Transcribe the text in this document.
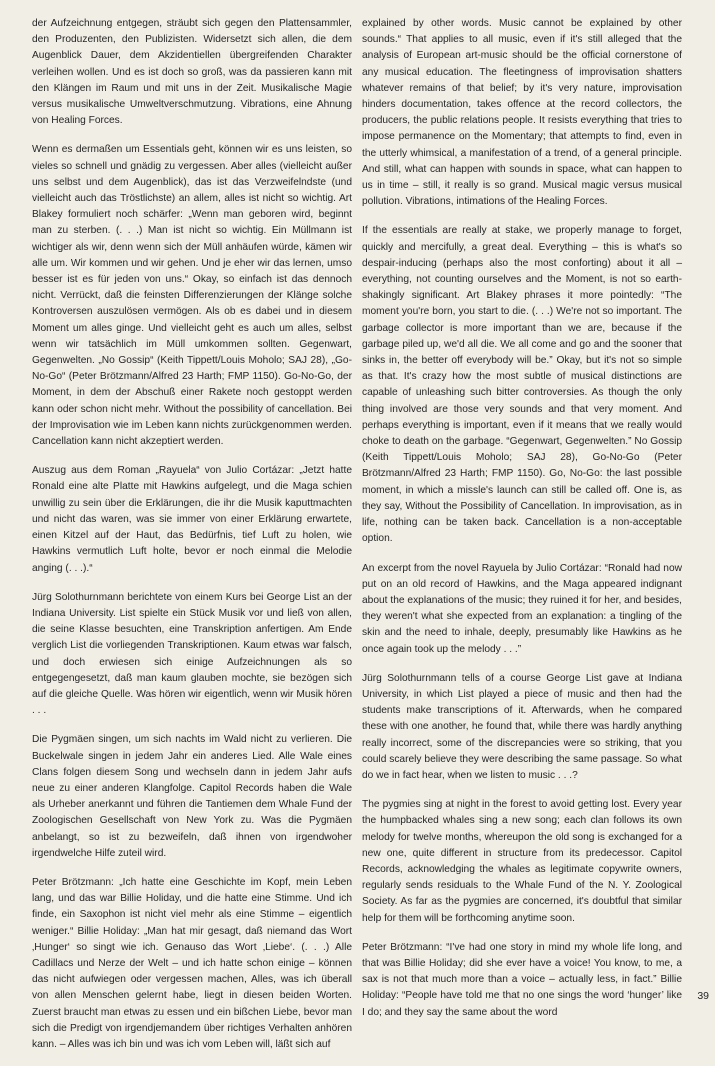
der Aufzeichnung entgegen, sträubt sich gegen den Plattensammler, den Produzenten, den Publizisten. Widersetzt sich allen, die dem Augenblick Dauer, dem Akzidentiellen übergreifenden Charakter verleihen wollen. Und es ist doch so groß, was da passieren kann mit den Klängen im Raum und mit uns in der Zeit. Musikalische Magie versus musikalische Umweltverschmutzung. Vibrations, eine Ahnung von Healing Forces.

Wenn es dermaßen um Essentials geht, können wir es uns leisten, so vieles so schnell und gnädig zu vergessen. Aber alles (vielleicht außer uns selbst und dem Augenblick), das ist das Verzweifelndste (und vielleicht auch das Tröstlichste) an allem, alles ist nicht so wichtig. Art Blakey formuliert noch schärfer: „Wenn man geboren wird, beginnt man zu sterben. (. . .) Man ist nicht so wichtig. Ein Müllmann ist wichtiger als wir, denn wenn sich der Müll anhäufen würde, kämen wir alle um. Wir kommen und wir gehen. Und je eher wir das lernen, umso besser ist es für jeden von uns.“ Okay, so einfach ist das dennoch nicht. Verrückt, daß die feinsten Differenzierungen der Klänge solche Kontroversen auszulösen vermögen. Als ob es dabei und in diesem Moment um alles ginge. Und vielleicht geht es auch um alles, selbst wenn wir tatsächlich im Müll umkommen sollten. Gegenwart, Gegenwelten. „No Gossip“ (Keith Tippett/Louis Moholo; SAJ 28), „Go-No-Go“ (Peter Brötzmann/Alfred 23 Harth; FMP 1150). Go-No-Go, der Moment, in dem der Abschuß einer Rakete noch gestoppt werden kann oder schon nicht mehr. Without the possibility of cancellation. Bei der Improvisation wie im Leben kann nichts zurückgenommen werden. Cancellation kann nicht akzeptiert werden.

Auszug aus dem Roman „Rayuela“ von Julio Cortázar: „Jetzt hatte Ronald eine alte Platte mit Hawkins aufgelegt, und die Maga schien unwillig zu sein über die Erklärungen, die ihr die Musik kaputtmachten und nicht das waren, was sie immer von einer Erklärung erwartete, einen Kitzel auf der Haut, das Bedürfnis, tief Luft zu holen, wie Hawkins vermutlich Luft holte, bevor er noch einmal die Melodie anging (. . .).“

Jürg Solothurnmann berichtete von einem Kurs bei George List an der Indiana University. List spielte ein Stück Musik vor und ließ von allen, die seine Klasse besuchten, eine Transkription anfertigen. Am Ende verglich List die vorliegenden Transkriptionen. Kaum etwas war falsch, und doch erwiesen sich einige Aufzeichnungen als so entgegengesetzt, daß man kaum glauben mochte, sie bezögen sich auf die gleiche Quelle. Was hören wir eigentlich, wenn wir Musik hören . . .

Die Pygmäen singen, um sich nachts im Wald nicht zu verlieren. Die Buckelwale singen in jedem Jahr ein anderes Lied. Alle Wale eines Clans folgen diesem Song und wechseln dann in jedem Jahr aufs neue zu einer anderen Klangfolge. Capitol Records haben die Wale als Urheber anerkannt und führen die Tantiemen dem Whale Fund der Zoologischen Gesellschaft von New York zu. Was die Pygmäen anbelangt, so ist zu bezweifeln, daß ihnen von irgendwoher irgendwelche Hilfe zuteil wird.

Peter Brötzmann: „Ich hatte eine Geschichte im Kopf, mein Leben lang, und das war Billie Holiday, und die hatte eine Stimme. Und ich finde, ein Saxophon ist nicht viel mehr als eine Stimme – eigentlich weniger.“ Billie Holiday: „Man hat mir gesagt, daß niemand das Wort ‚Hunger‘ so singt wie ich. Genauso das Wort ‚Liebe‘. (. . .) Alle Cadillacs und Nerze der Welt – und ich hatte schon einige – können das nicht aufwiegen oder vergessen machen, Alles, was ich überall von allen Menschen gelernt habe, liegt in diesen beiden Worten. Zuerst braucht man etwas zu essen und ein bißchen Liebe, bevor man sich die Predigt von irgendjemandem über richtiges Verhalten anhören kann. – Alles was ich bin und was ich vom Leben will, läßt sich auf

explained by other words. Music cannot be explained by other sounds.“ That applies to all music, even if it's still alleged that the analysis of European art-music should be the official cornerstone of any musical education. The fleetingness of improvisation shatters whatever remains of that belief; by it's very nature, improvisation hinders documentation, takes offence at the record collectors, the producers, the public relations people. It resists everything that tries to impose permanence on the Momentary; that attempts to find, even in the utterly whimsical, a manifestation of a trend, of a general principle. And still, what can happen with sounds in space, what can happen to us in time – still, it really is so grand. Musical magic versus musical pollution. Vibrations, intimations of the Healing Forces.

If the essentials are really at stake, we properly manage to forget, quickly and mercifully, a great deal. Everything – this is what's so despair-inducing (perhaps also the most conforting) about it all – everything, not counting ourselves and the Moment, is not so earth-shakingly significant. Art Blakey phrases it more pointedly: “The moment you're born, you start to die. (. . .) We're not so important. The garbage collector is more important than we are, because if the garbage piled up, we'd all die. We all come and go and the sooner that sinks in, the better off everybody will be.” Okay, but it's not so simple as that. It's crazy how the most subtle of musical distinctions are capable of unleashing such bitter controversies. As though the only thing involved are those very sounds and that very moment. And perhaps everything is important, even if it means that we really would choke to death on the garbage. “Gegenwart, Gegenwelten.” No Gossip (Keith Tippett/Louis Moholo; SAJ 28), Go-No-Go (Peter Brötzmann/Alfred 23 Harth; FMP 1150). Go, No-Go: the last possible moment, in which a missle's launch can still be called off. One is, as they say, Without the Possibility of Cancellation. In improvisation, as in life, nothing can be taken back. Cancellation is a non-acceptable option.

An excerpt from the novel Rayuela by Julio Cortázar: “Ronald had now put on an old record of Hawkins, and the Maga appeared indignant about the explanations of the music; they ruined it for her, and besides, they weren't what she expected from an explanation: a tingling of the skin and the need to inhale, deeply, presumably like Hawkins as he once again took up the melody . . .”

Jürg Solothurnmann tells of a course George List gave at Indiana University, in which List played a piece of music and then had the students make transcriptions of it. Afterwards, when he compared these with one another, he found that, while there was hardly anything really incorrect, some of the discrepancies were so striking, that you could scarely believe they were describing the same passage. So what do we in fact hear, when we listen to music . . .?

The pygmies sing at night in the forest to avoid getting lost. Every year the humpbacked whales sing a new song; each clan follows its own melody for twelve months, whereupon the old song is exchanged for a new one, quite different in structure from its predecessor. Capitol Records, acknowledging the whales as legitimate copywrite owners, regularly sends residuals to the Whale Fund of the N. Y. Zoological Society. As far as the pygmies are concerned, it's doubtful that similar help for them will be forthcoming anytime soon.

Peter Brötzmann: “I've had one story in mind my whole life long, and that was Billie Holiday; did she ever have a voice! You know, to me, a sax is not that much more than a voice – actually less, in fact.” Billie Holiday: “People have told me that no one sings the word ‘hunger’ like I do; and they say the same about the word

39
